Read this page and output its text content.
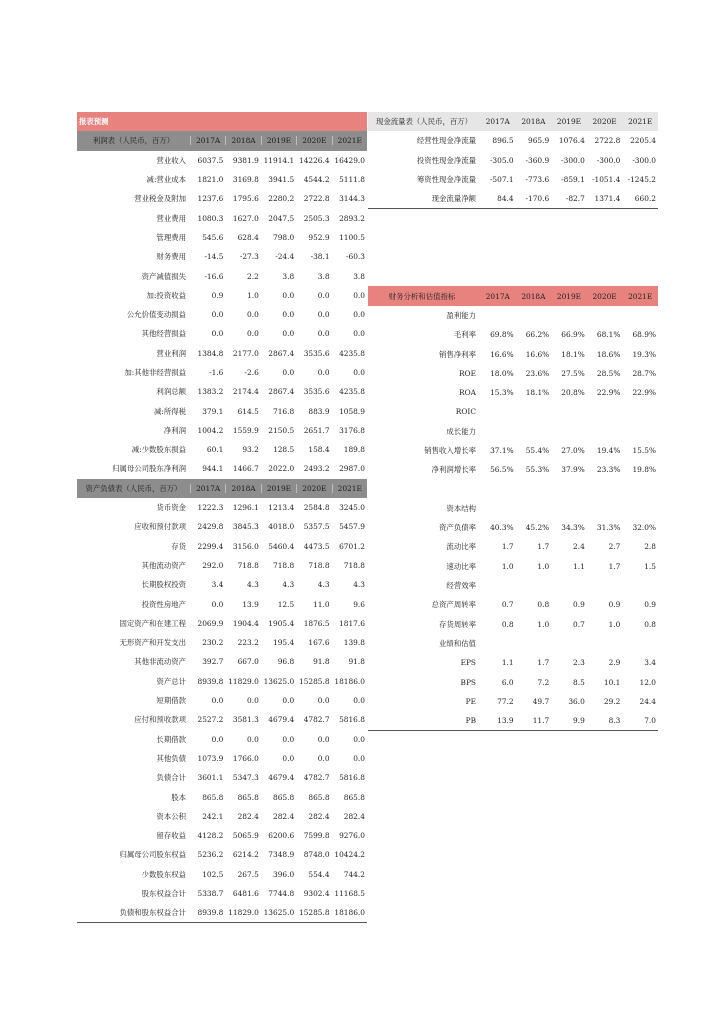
报表预测
利润表（人民币，百万）	2017A	2018A	2019E	2020E	2021E
营业收入	6037.5	9381.9 11914.1 14226.4 16429.0
减:营业成本	1821.0	3169.8	3941.5	4544.2	5111.8
营业税金及附加	1237.6	1795.6	2280.2	2722.8	3144.3
营业费用	1080.3	1627.0	2047.5	2505.3	2893.2
管理费用	545.6	628.4	798.0	952.9	1100.5
财务费用	-14.5	-27.3	-24.4	-38.1	-60.3
资产减值损失	-16.6	2.2	3.8	3.8	3.8
加:投资收益	0.9	1.0	0.0	0.0	0.0
公允价值变动损益	0.0	0.0	0.0	0.0	0.0
其他经营损益	0.0	0.0	0.0	0.0	0.0
营业利润	1384.8	2177.0	2867.4	3535.6	4235.8
加:其他非经营损益	-1.6	-2.6	0.0	0.0	0.0
利润总额	1383.2	2174.4	2867.4	3535.6	4235.8
减:所得税	379.1	614.5	716.8	883.9	1058.9
净利润	1004.2	1559.9	2150.5	2651.7	3176.8
减:少数股东损益	60.1	93.2	128.5	158.4	189.8
归属母公司股东净利润	944.1	1466.7	2022.0	2493.2	2987.0
资产负债表（人民币，百万）	2017A	2018A	2019E	2020E	2021E
货币资金	1222.3	1296.1	1213.4	2584.8	3245.0
应收和预付款项	2429.8	3845.3	4018.0	5357.5	5457.9
存货	2299.4	3156.0	5460.4	4473.5	6701.2
其他流动资产	292.0	718.8	718.8	718.8	718.8
长期股权投资	3.4	4.3	4.3	4.3	4.3
投资性房地产	0.0	13.9	12.5	11.0	9.6
固定资产和在建工程	2069.9	1904.4	1905.4	1876.5	1817.6
无形资产和开发支出	230.2	223.2	195.4	167.6	139.8
其他非流动资产	392.7	667.0	96.8	91.8	91.8
资产总计	8939.8 11829.0 13625.0 15285.8 18186.0
短期借款	0.0	0.0	0.0	0.0	0.0
应付和预收款项	2527.2	3581.3	4679.4	4782.7	5816.8
长期借款	0.0	0.0	0.0	0.0	0.0
其他负债	1073.9	1766.0	0.0	0.0	0.0
负债合计	3601.1	5347.3	4679.4	4782.7	5816.8
股本	865.8	865.8	865.8	865.8	865.8
资本公积	242.1	282.4	282.4	282.4	282.4
留存收益	4128.2	5065.9	6200.6	7599.8	9276.0
归属母公司股东权益	5236.2	6214.2	7348.9	8748.0 10424.2
少数股东权益	102.5	267.5	396.0	554.4	744.2
股东权益合计	5338.7	6481.6	7744.8	9302.4 11168.5
负债和股东权益合计	8939.8 11829.0 13625.0 15285.8 18186.0
现金流量表（人民币，百万）	2017A	2018A	2019E	2020E	2021E
经营性现金净流量	896.5	965.9	1076.4	2722.8	2205.4
投资性现金净流量	-305.0	-360.9	-300.0	-300.0	-300.0
筹资性现金净流量	-507.1	-773.6	-859.1 -1051.4 -1245.2
现金流量净额	84.4	-170.6	-82.7	1371.4	660.2
财务分析和估值指标	2017A	2018A	2019E	2020E	2021E
盈利能力
毛利率	69.8%	66.2%	66.9%	68.1%	68.9%
销售净利率	16.6%	16.6%	18.1%	18.6%	19.3%
ROE	18.0%	23.6%	27.5%	28.5%	28.7%
ROA	15.3%	18.1%	20.8%	22.9%	22.9%
ROIC
成长能力
销售收入增长率	37.1%	55.4%	27.0%	19.4%	15.5%
净利润增长率	56.5%	55.3%	37.9%	23.3%	19.8%
资本结构
资产负债率	40.3%	45.2%	34.3%	31.3%	32.0%
流动比率	1.7	1.7	2.4	2.7	2.8
速动比率	1.0	1.0	1.1	1.7	1.5
经营效率
总资产周转率	0.7	0.8	0.9	0.9	0.9
存货周转率	0.8	1.0	0.7	1.0	0.8
业绩和估值
EPS	1.1	1.7	2.3	2.9	3.4
BPS	6.0	7.2	8.5	10.1	12.0
PE	77.2	49.7	36.0	29.2	24.4
PB	13.9	11.7	9.9	8.3	7.0
